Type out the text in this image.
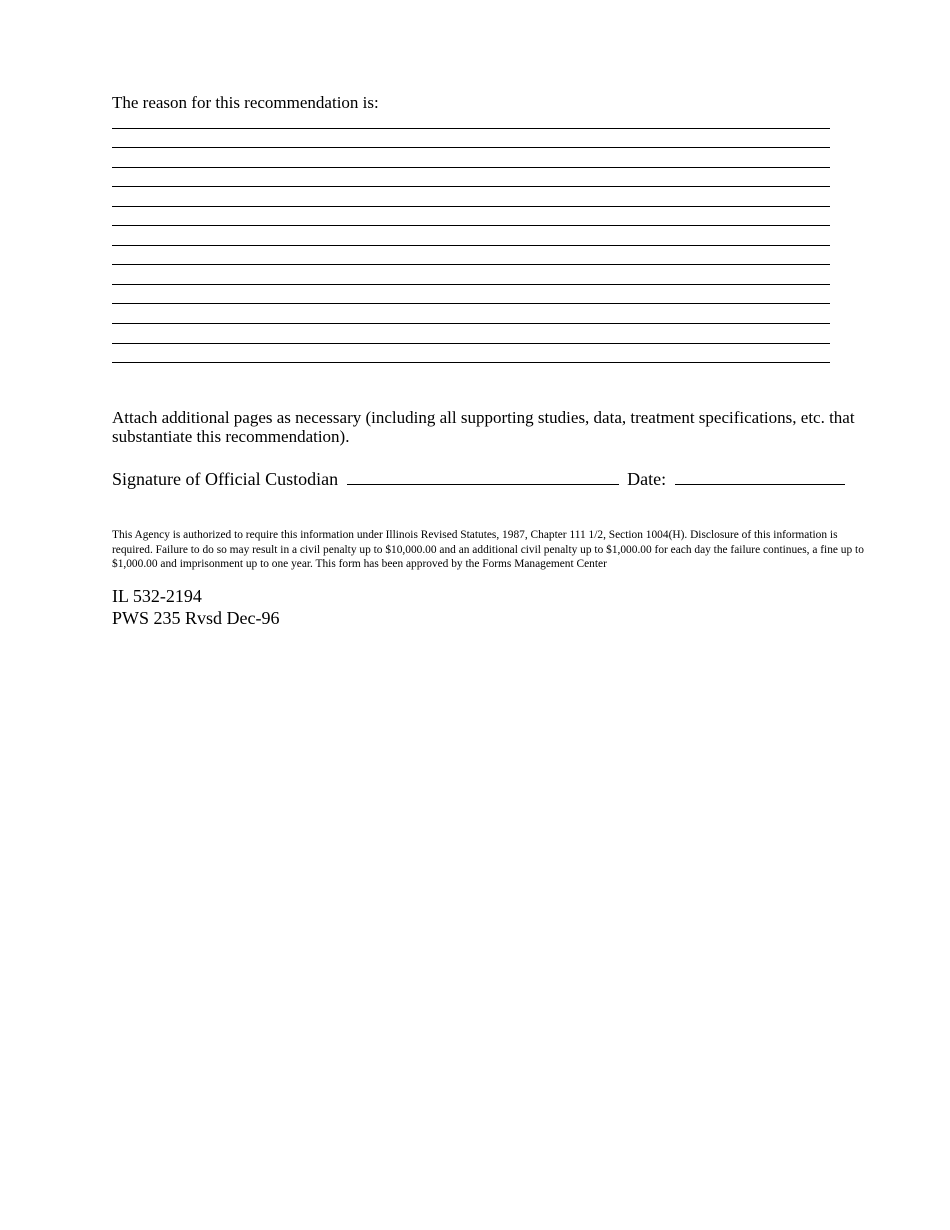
The reason for this recommendation is:
Attach additional pages as necessary (including all supporting studies, data, treatment specifications, etc. that substantiate this recommendation).
Signature of Official Custodian	Date:
This Agency is authorized to require this information under Illinois Revised Statutes, 1987, Chapter 111 1/2, Section 1004(H). Disclosure of this information is required. Failure to do so may result in a civil penalty up to $10,000.00 and an additional civil penalty up to $1,000.00 for each day the failure continues, a fine up to $1,000.00 and imprisonment up to one year. This form has been approved by the Forms Management Center
IL 532-2194
PWS 235 Rvsd Dec-96
